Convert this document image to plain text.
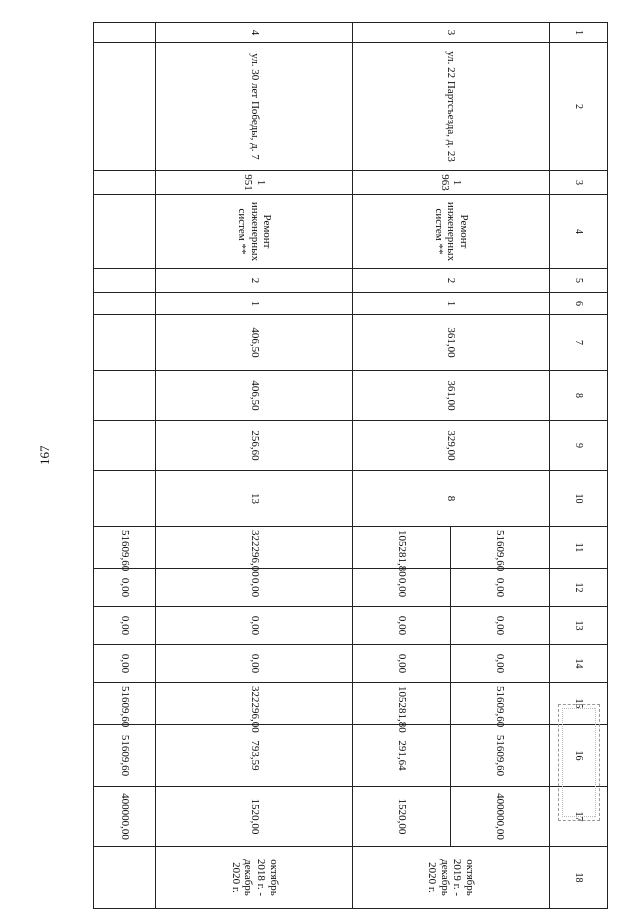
167
1	2	3	4	5	6	7	8	9	10	11	12	13	14	15	16	17	18
3	ул. 22 Партсъезда, д. 23	1 963	Ремонт инженерных систем **	2	1	361,00	361,00	329,00	8	51609,60	0,00	0,00	0,00	51609,60	51609,60	400000,00	октябрь 2019 г. - декабрь 2020 г.
										105281,80	0,00	0,00	0,00	105281,80	291,64	1520,00	
4	ул. 30 лет Победы, д. 7	1 951	Ремонт инженерных систем **	2	1	406,50	406,50	256,60	13	322296,00	0,00	0,00	0,00	322296,00	793,59	1520,00	октябрь 2018 г. - декабрь 2020 г.
										51609,60	0,00	0,00	0,00	51609,60	51609,60	400000,00	
